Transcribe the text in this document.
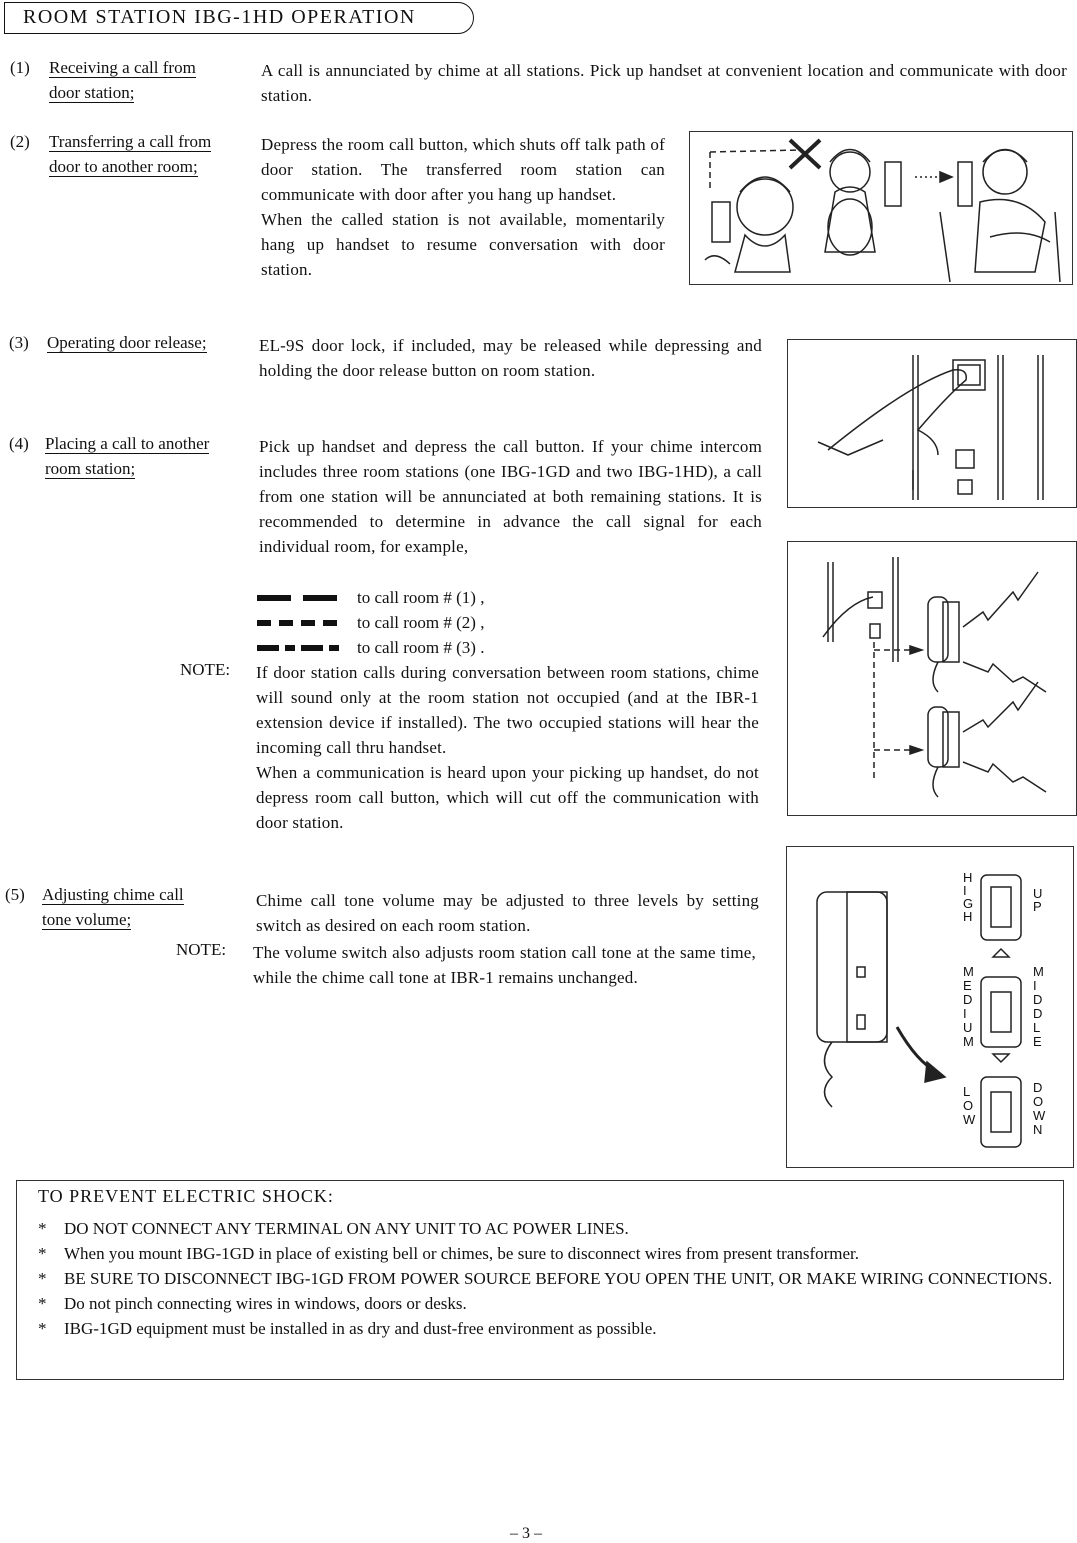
ROOM STATION IBG-1HD OPERATION
(1) Receiving a call from
door station;
A call is annunciated by chime at all stations. Pick up handset at convenient location and communicate with door station.
(2) Transferring a call from
door to another room;
Depress the room call button, which shuts off talk path of door station. The transferred room station can communicate with door after you hang up handset.
When the called station is not available, momentarily hang up handset to resume conversation with door station.
(3) Operating door release;	EL-9S door lock, if included, may be released while depressing and holding the door release button on room station.
(4) Placing a call to another
room station;
Pick up handset and depress the call button. If your chime intercom includes three room stations (one IBG-1GD and two IBG-1HD), a call from one station will be annunciated at both remaining stations. It is recommended to determine in advance the call signal for each individual room, for example,
to call room # (1) ,
to call room # (2) ,
to call room # (3) .
NOTE: If door station calls during conversation between room stations, chime will sound only at the room station not occupied (and at the IBR-1 extension device if installed). The two occupied stations will hear the incoming call thru handset.
When a communication is heard upon your picking up handset, do not depress room call button, which will cut off the communication with door station.
(5) Adjusting chime call
tone volume;
Chime call tone volume may be adjusted to three levels by setting switch as desired on each room station.
NOTE: The volume switch also adjusts room station call tone at the same time, while the chime call tone at IBR-1 remains unchanged.
HIGH
UP
MEDIUM
MIDDLE
LOW
DOWN
TO PREVENT ELECTRIC SHOCK:
* DO NOT CONNECT ANY TERMINAL ON ANY UNIT TO AC POWER LINES.
* When you mount IBG-1GD in place of existing bell or chimes, be sure to disconnect wires from present transformer.
* BE SURE TO DISCONNECT IBG-1GD FROM POWER SOURCE BEFORE YOU OPEN THE UNIT, OR MAKE WIRING CONNECTIONS.
* Do not pinch connecting wires in windows, doors or desks.
* IBG-1GD equipment must be installed in as dry and dust-free environment as possible.
– 3 –
